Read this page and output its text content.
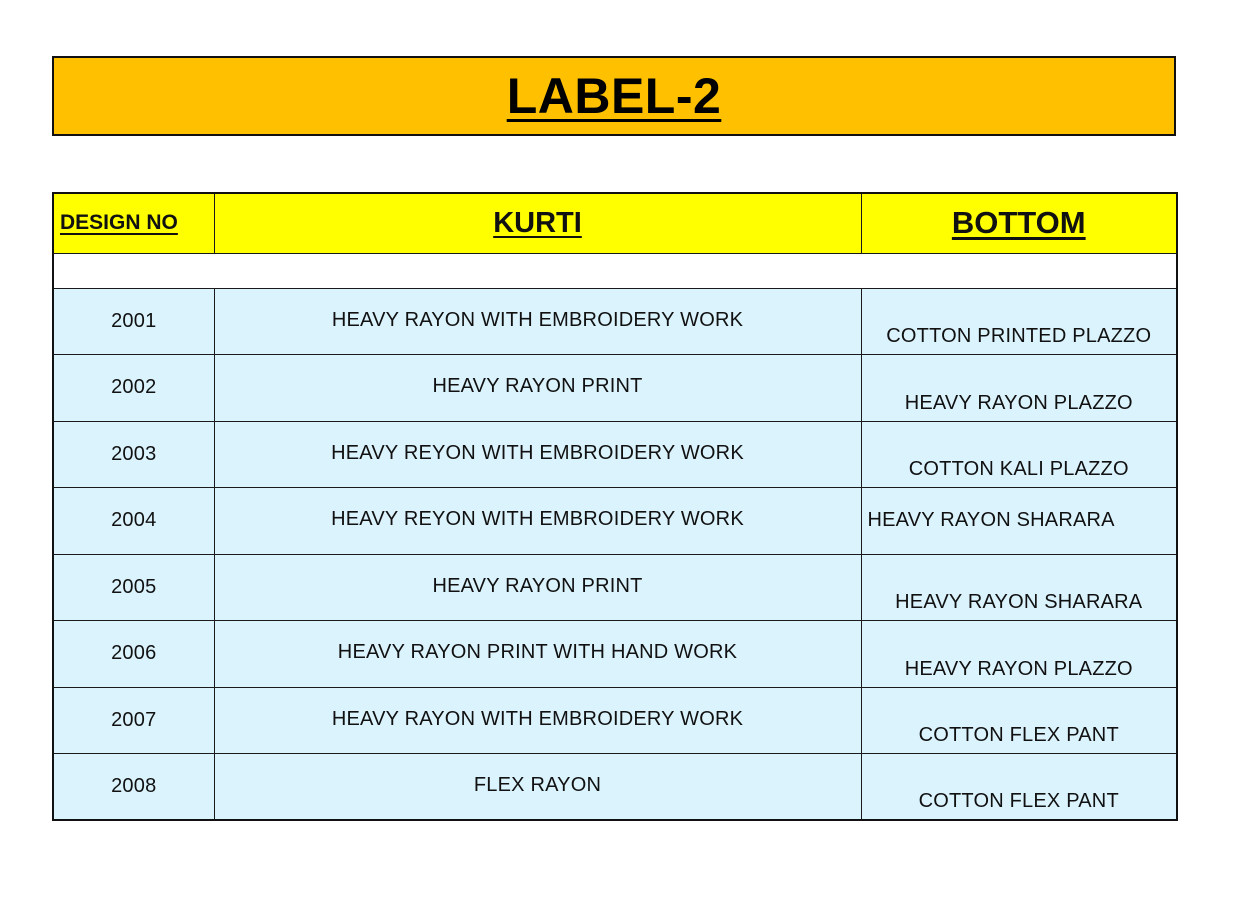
LABEL-2
DESIGN NO	KURTI	BOTTOM

2001	HEAVY RAYON WITH EMBROIDERY WORK	COTTON PRINTED PLAZZO
2002	HEAVY RAYON PRINT	HEAVY RAYON PLAZZO
2003	HEAVY REYON WITH EMBROIDERY WORK	COTTON KALI PLAZZO
2004	HEAVY REYON WITH EMBROIDERY WORK	HEAVY RAYON SHARARA
2005	HEAVY RAYON PRINT	HEAVY RAYON SHARARA
2006	HEAVY RAYON PRINT WITH HAND WORK	HEAVY RAYON PLAZZO
2007	HEAVY RAYON WITH EMBROIDERY WORK	COTTON FLEX PANT
2008	FLEX RAYON	COTTON FLEX PANT
